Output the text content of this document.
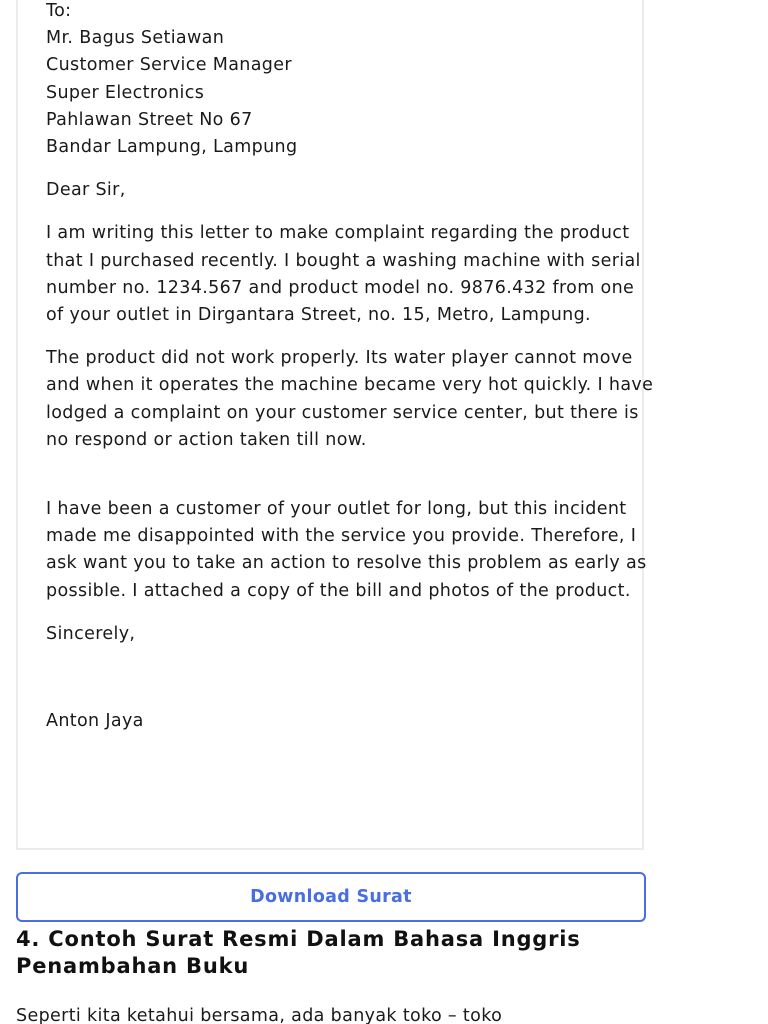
To:
Mr. Bagus Setiawan
Customer Service Manager
Super Electronics
Pahlawan Street No 67
Bandar Lampung, Lampung

Dear Sir,

I am writing this letter to make complaint regarding the product that I purchased recently. I bought a washing machine with serial number no. 1234.567 and product model no. 9876.432 from one of your outlet in Dirgantara Street, no. 15, Metro, Lampung.

The product did not work properly. Its water player cannot move and when it operates the machine became very hot quickly. I have lodged a complaint on your customer service center, but there is no respond or action taken till now.

I have been a customer of your outlet for long, but this incident made me disappointed with the service you provide. Therefore, I ask want you to take an action to resolve this problem as early as possible. I attached a copy of the bill and photos of the product.

Sincerely,

Anton Jaya

Download Surat
4. Contoh Surat Resmi Dalam Bahasa Inggris Penambahan Buku

Seperti kita ketahui bersama, ada banyak toko – toko
